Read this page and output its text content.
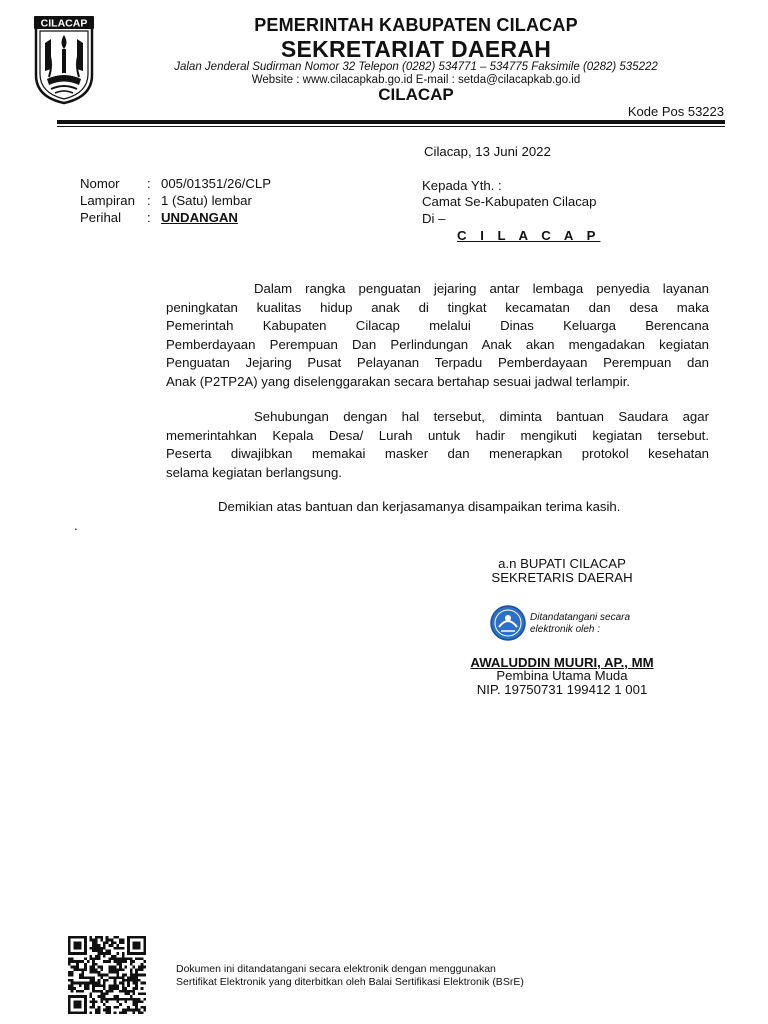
CILACAP	PEMERINTAH KABUPATEN CILACAP
SEKRETARIAT DAERAH
Jalan Jenderal Sudirman Nomor 32 Telepon (0282) 534771 – 534775 Faksimile (0282) 535222
Website : www.cilacapkab.go.id E-mail : setda@cilacapkab.go.id
CILACAP
Kode Pos 53223
Cilacap, 13 Juni 2022
Nomor : 005/01351/26/CLP
Lampiran : 1 (Satu) lembar
Perihal : UNDANGAN
Kepada Yth. :
Camat Se-Kabupaten Cilacap
Di –
C I L A C A P
Dalam rangka penguatan jejaring antar lembaga penyedia layanan
peningkatan kualitas hidup anak di tingkat kecamatan dan desa maka
Pemerintah Kabupaten Cilacap melalui Dinas Keluarga Berencana
Pemberdayaan Perempuan Dan Perlindungan Anak akan mengadakan kegiatan
Penguatan Jejaring Pusat Pelayanan Terpadu Pemberdayaan Perempuan dan
Anak (P2TP2A) yang diselenggarakan secara bertahap sesuai jadwal terlampir.
Sehubungan dengan hal tersebut, diminta bantuan Saudara agar
memerintahkan Kepala Desa/ Lurah untuk hadir mengikuti kegiatan tersebut.
Peserta diwajibkan memakai masker dan menerapkan protokol kesehatan
selama kegiatan berlangsung.
Demikian atas bantuan dan kerjasamanya disampaikan terima kasih.
.
a.n BUPATI CILACAP
SEKRETARIS DAERAH
Ditandatangani secara
elektronik oleh :
AWALUDDIN MUURI, AP., MM
Pembina Utama Muda
NIP. 19750731 199412 1 001
Dokumen ini ditandatangani secara elektronik dengan menggunakan
Sertifikat Elektronik yang diterbitkan oleh Balai Sertifikasi Elektronik (BSrE)
